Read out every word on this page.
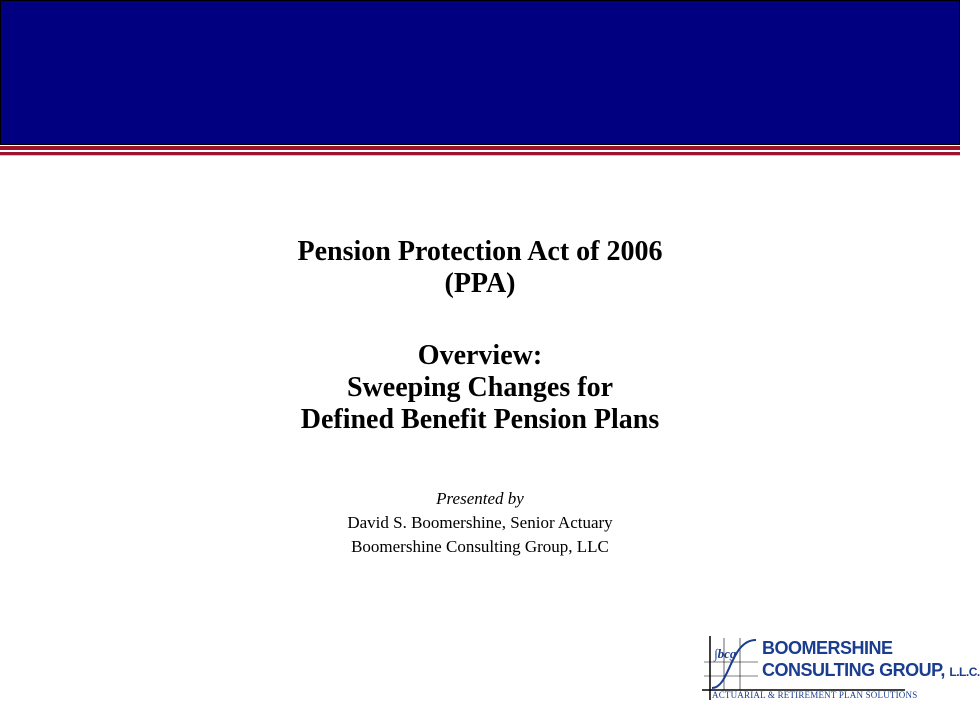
Pension Protection Act of 2006
(PPA)
Overview:
Sweeping Changes for
Defined Benefit Pension Plans
Presented by
David S. Boomershine, Senior Actuary
Boomershine Consulting Group, LLC
∫bcg BOOMERSHINE
CONSULTING GROUP, L.L.C.
ACTUARIAL & RETIREMENT PLAN SOLUTIONS
